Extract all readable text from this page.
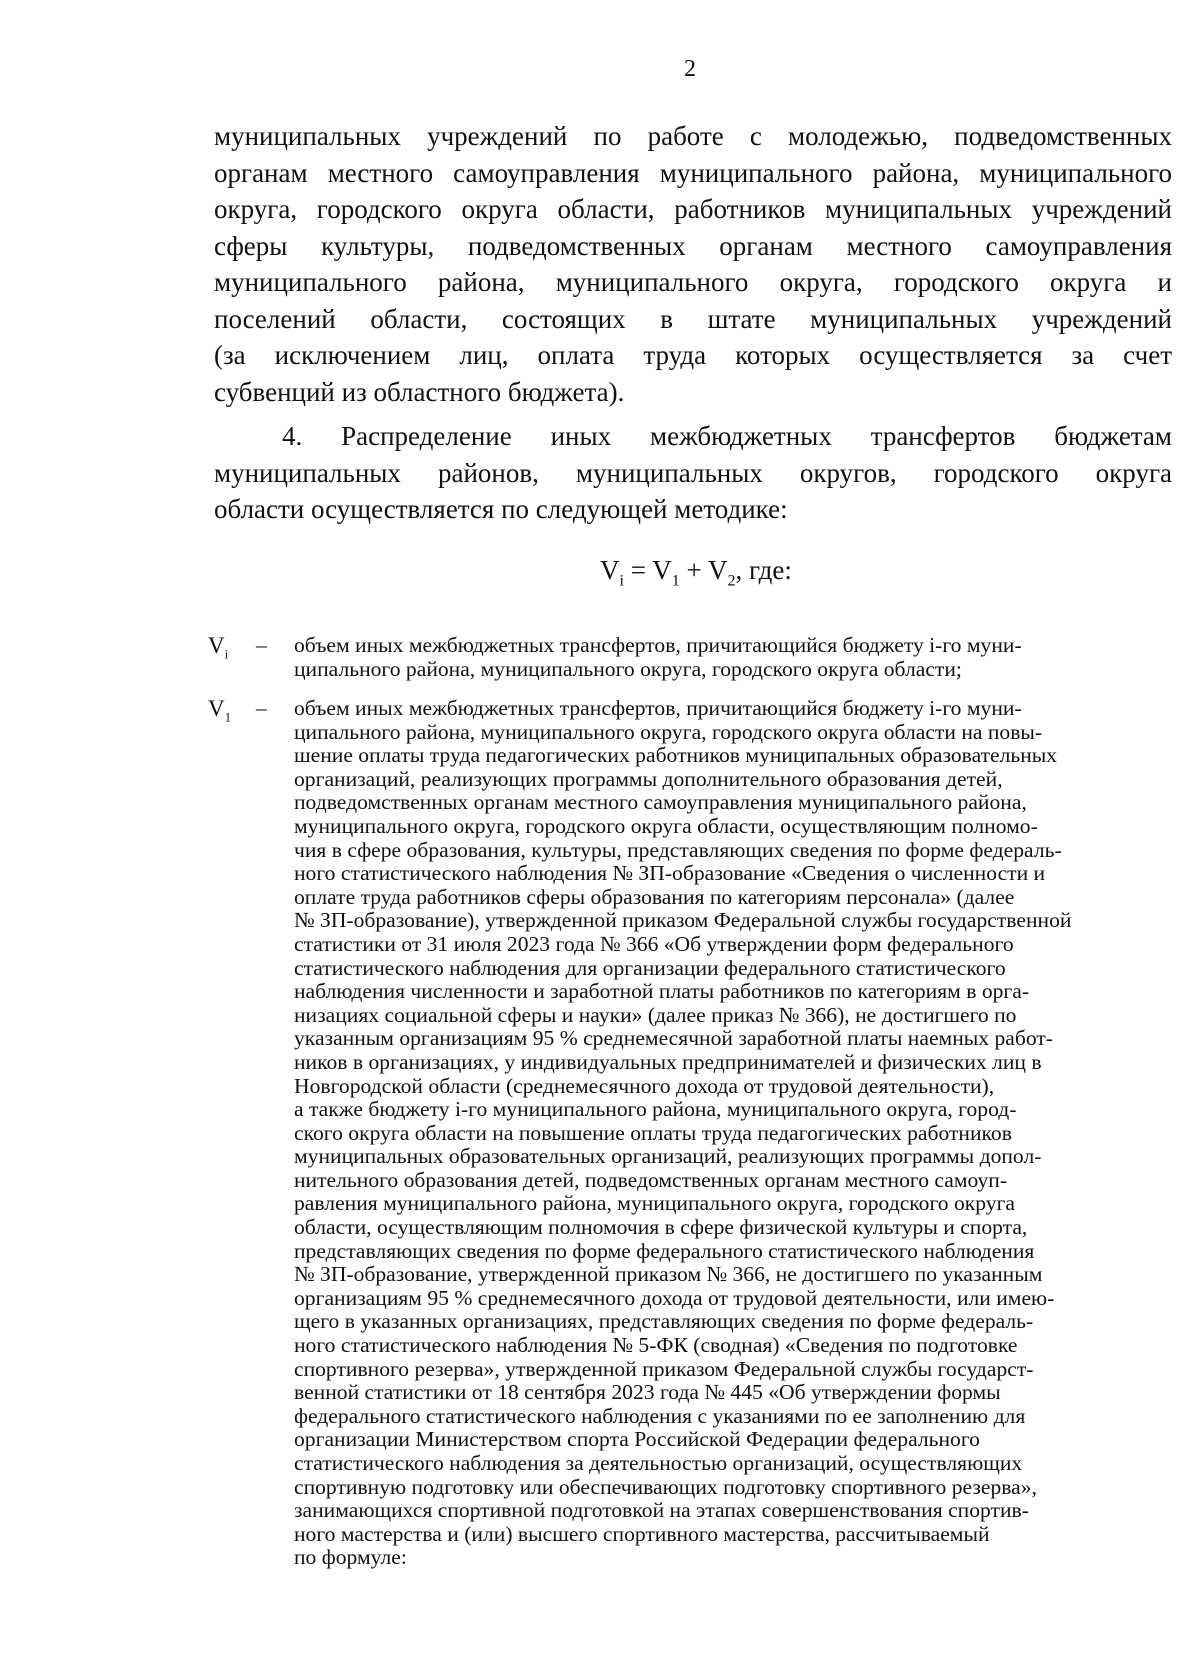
2

муниципальных учреждений по работе с молодежью, подведомственных
органам местного самоуправления муниципального района, муниципального
округа, городского округа области, работников муниципальных учреждений
сферы культуры, подведомственных органам местного самоуправления
муниципального района, муниципального округа, городского округа и
поселений области, состоящих в штате муниципальных учреждений
(за исключением лиц, оплата труда которых осуществляется за счет
субвенций из областного бюджета).

4. Распределение иных межбюджетных трансфертов бюджетам
муниципальных районов, муниципальных округов, городского округа
области осуществляется по следующей методике:

$V_i = V_1 + V_2$, где:
$V_i$ – объем иных межбюджетных трансфертов, причитающийся бюджету i-го муни-
ципального района, муниципального округа, городского округа области;
$V_1$ – объем иных межбюджетных трансфертов, причитающийся бюджету i-го муни-
ципального района, муниципального округа, городского округа области на повы-
шение оплаты труда педагогических работников муниципальных образовательных
организаций, реализующих программы дополнительного образования детей,
подведомственных органам местного самоуправления муниципального района,
муниципального округа, городского округа области, осуществляющим полномо-
чия в сфере образования, культуры, представляющих сведения по форме федераль-
ного статистического наблюдения № ЗП-образование «Сведения о численности и
оплате труда работников сферы образования по категориям персонала» (далее
№ ЗП-образование), утвержденной приказом Федеральной службы государственной
статистики от 31 июля 2023 года № 366 «Об утверждении форм федерального
статистического наблюдения для организации федерального статистического
наблюдения численности и заработной платы работников по категориям в орга-
низациях социальной сферы и науки» (далее приказ № 366), не достигшего по
указанным организациям 95 % среднемесячной заработной платы наемных работ-
ников в организациях, у индивидуальных предпринимателей и физических лиц в
Новгородской области (среднемесячного дохода от трудовой деятельности),
а также бюджету i-го муниципального района, муниципального округа, город-
ского округа области на повышение оплаты труда педагогических работников
муниципальных образовательных организаций, реализующих программы допол-
нительного образования детей, подведомственных органам местного самоуп-
равления муниципального района, муниципального округа, городского округа
области, осуществляющим полномочия в сфере физической культуры и спорта,
представляющих сведения по форме федерального статистического наблюдения
№ ЗП-образование, утвержденной приказом № 366, не достигшего по указанным
организациям 95 % среднемесячного дохода от трудовой деятельности, или имею-
щего в указанных организациях, представляющих сведения по форме федераль-
ного статистического наблюдения № 5-ФК (сводная) «Сведения по подготовке
спортивного резерва», утвержденной приказом Федеральной службы государст-
венной статистики от 18 сентября 2023 года № 445 «Об утверждении формы
федерального статистического наблюдения с указаниями по ее заполнению для
организации Министерством спорта Российской Федерации федерального
статистического наблюдения за деятельностью организаций, осуществляющих
спортивную подготовку или обеспечивающих подготовку спортивного резерва»,
занимающихся спортивной подготовкой на этапах совершенствования спортив-
ного мастерства и (или) высшего спортивного мастерства, рассчитываемый
по формуле:
